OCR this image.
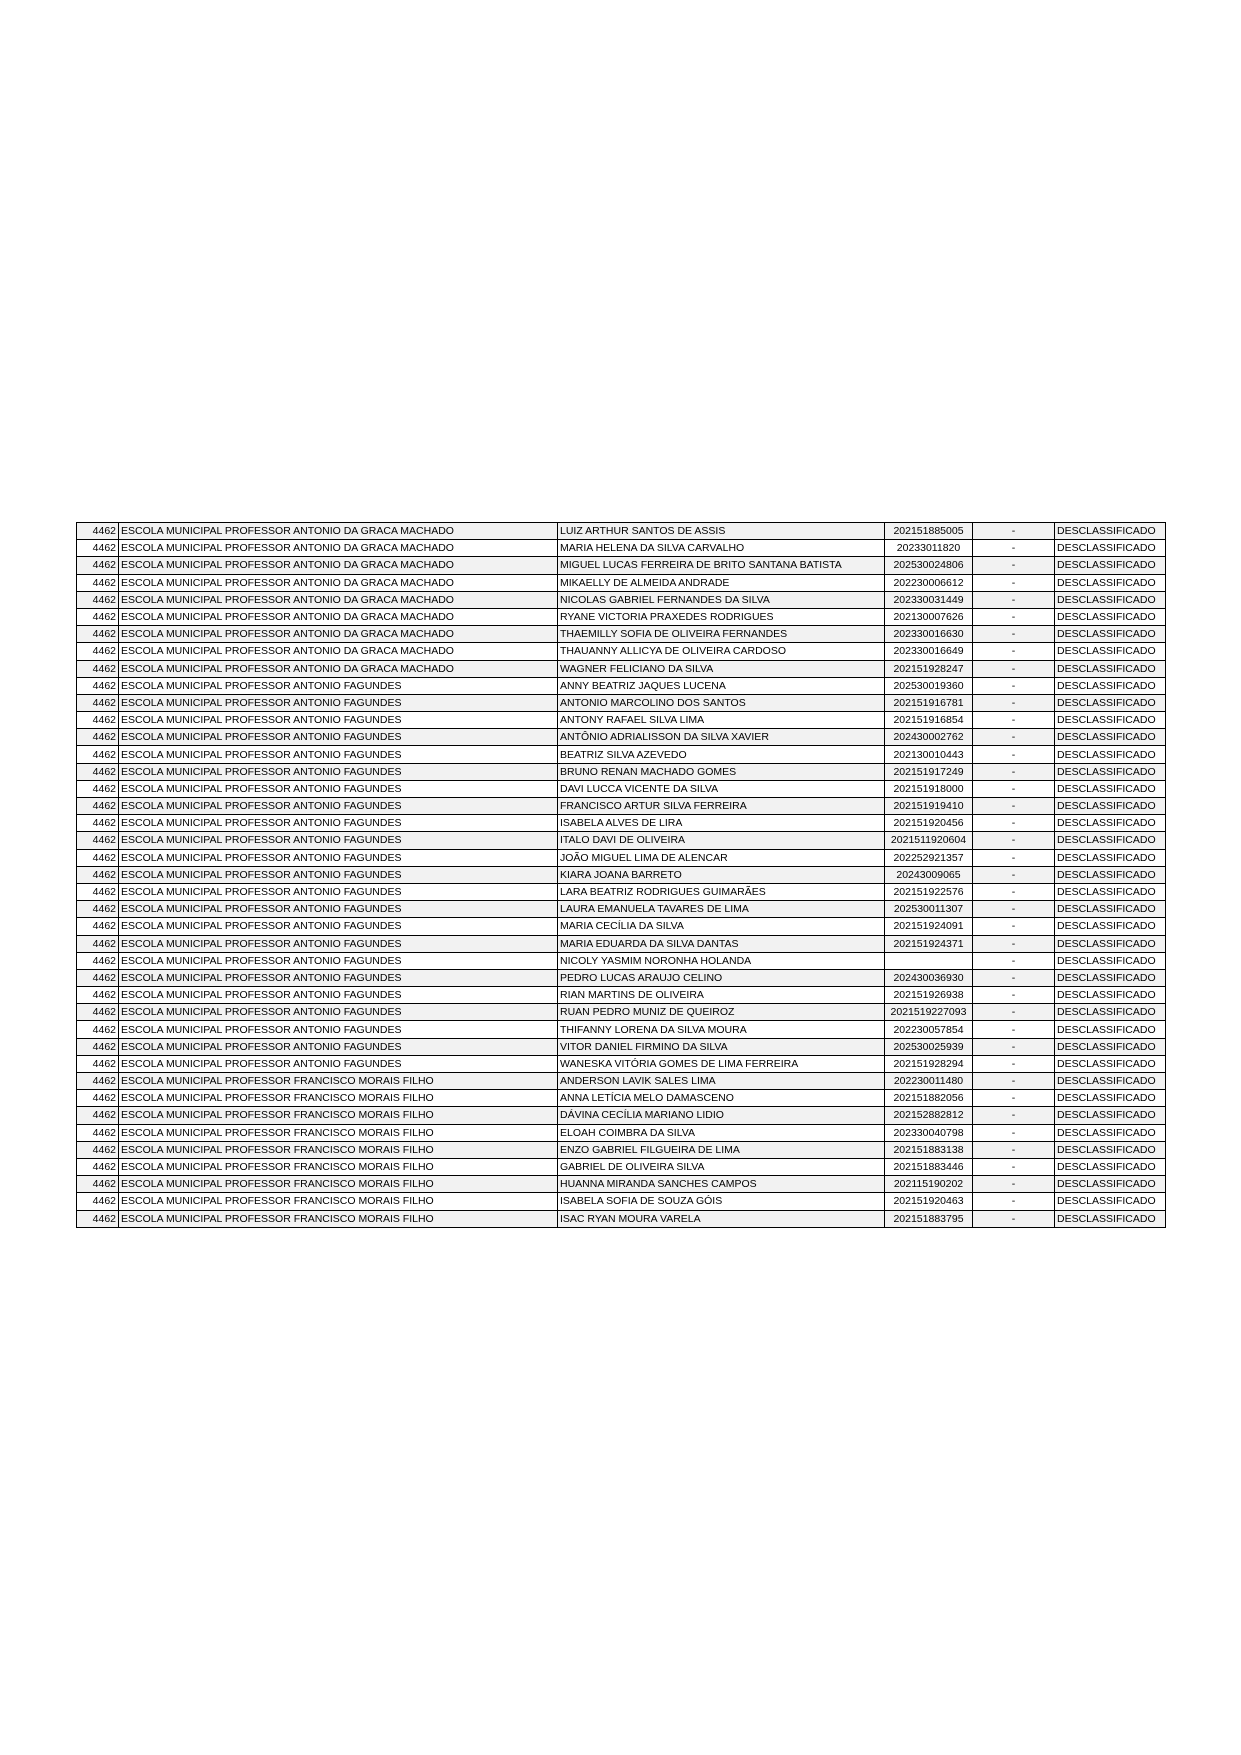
4462	ESCOLA MUNICIPAL PROFESSOR ANTONIO DA GRACA MACHADO	LUIZ ARTHUR SANTOS DE ASSIS	202151885005	-	DESCLASSIFICADO
4462	ESCOLA MUNICIPAL PROFESSOR ANTONIO DA GRACA MACHADO	MARIA HELENA DA SILVA CARVALHO	20233011820	-	DESCLASSIFICADO
4462	ESCOLA MUNICIPAL PROFESSOR ANTONIO DA GRACA MACHADO	MIGUEL LUCAS FERREIRA DE BRITO SANTANA BATISTA	202530024806	-	DESCLASSIFICADO
4462	ESCOLA MUNICIPAL PROFESSOR ANTONIO DA GRACA MACHADO	MIKAELLY DE ALMEIDA ANDRADE	202230006612	-	DESCLASSIFICADO
4462	ESCOLA MUNICIPAL PROFESSOR ANTONIO DA GRACA MACHADO	NICOLAS GABRIEL FERNANDES DA SILVA	202330031449	-	DESCLASSIFICADO
4462	ESCOLA MUNICIPAL PROFESSOR ANTONIO DA GRACA MACHADO	RYANE VICTORIA PRAXEDES RODRIGUES	202130007626	-	DESCLASSIFICADO
4462	ESCOLA MUNICIPAL PROFESSOR ANTONIO DA GRACA MACHADO	THAEMILLY SOFIA DE OLIVEIRA FERNANDES	202330016630	-	DESCLASSIFICADO
4462	ESCOLA MUNICIPAL PROFESSOR ANTONIO DA GRACA MACHADO	THAUANNY ALLICYA DE OLIVEIRA CARDOSO	202330016649	-	DESCLASSIFICADO
4462	ESCOLA MUNICIPAL PROFESSOR ANTONIO DA GRACA MACHADO	WAGNER FELICIANO DA SILVA	202151928247	-	DESCLASSIFICADO
4462	ESCOLA MUNICIPAL PROFESSOR ANTONIO FAGUNDES	ANNY BEATRIZ JAQUES LUCENA	202530019360	-	DESCLASSIFICADO
4462	ESCOLA MUNICIPAL PROFESSOR ANTONIO FAGUNDES	ANTONIO MARCOLINO DOS SANTOS	202151916781	-	DESCLASSIFICADO
4462	ESCOLA MUNICIPAL PROFESSOR ANTONIO FAGUNDES	ANTONY RAFAEL SILVA LIMA	202151916854	-	DESCLASSIFICADO
4462	ESCOLA MUNICIPAL PROFESSOR ANTONIO FAGUNDES	ANTÔNIO ADRIALISSON DA SILVA XAVIER	202430002762	-	DESCLASSIFICADO
4462	ESCOLA MUNICIPAL PROFESSOR ANTONIO FAGUNDES	BEATRIZ SILVA AZEVEDO	202130010443	-	DESCLASSIFICADO
4462	ESCOLA MUNICIPAL PROFESSOR ANTONIO FAGUNDES	BRUNO RENAN MACHADO GOMES	202151917249	-	DESCLASSIFICADO
4462	ESCOLA MUNICIPAL PROFESSOR ANTONIO FAGUNDES	DAVI LUCCA VICENTE DA SILVA	202151918000	-	DESCLASSIFICADO
4462	ESCOLA MUNICIPAL PROFESSOR ANTONIO FAGUNDES	FRANCISCO ARTUR SILVA FERREIRA	202151919410	-	DESCLASSIFICADO
4462	ESCOLA MUNICIPAL PROFESSOR ANTONIO FAGUNDES	ISABELA ALVES DE LIRA	202151920456	-	DESCLASSIFICADO
4462	ESCOLA MUNICIPAL PROFESSOR ANTONIO FAGUNDES	ITALO DAVI DE OLIVEIRA	2021511920604	-	DESCLASSIFICADO
4462	ESCOLA MUNICIPAL PROFESSOR ANTONIO FAGUNDES	JOÃO MIGUEL LIMA DE ALENCAR	202252921357	-	DESCLASSIFICADO
4462	ESCOLA MUNICIPAL PROFESSOR ANTONIO FAGUNDES	KIARA JOANA BARRETO	20243009065	-	DESCLASSIFICADO
4462	ESCOLA MUNICIPAL PROFESSOR ANTONIO FAGUNDES	LARA BEATRIZ RODRIGUES GUIMARÃES	202151922576	-	DESCLASSIFICADO
4462	ESCOLA MUNICIPAL PROFESSOR ANTONIO FAGUNDES	LAURA EMANUELA TAVARES DE LIMA	202530011307	-	DESCLASSIFICADO
4462	ESCOLA MUNICIPAL PROFESSOR ANTONIO FAGUNDES	MARIA CECÍLIA DA SILVA	202151924091	-	DESCLASSIFICADO
4462	ESCOLA MUNICIPAL PROFESSOR ANTONIO FAGUNDES	MARIA EDUARDA DA SILVA DANTAS	202151924371	-	DESCLASSIFICADO
4462	ESCOLA MUNICIPAL PROFESSOR ANTONIO FAGUNDES	NICOLY YASMIM NORONHA HOLANDA		-	DESCLASSIFICADO
4462	ESCOLA MUNICIPAL PROFESSOR ANTONIO FAGUNDES	PEDRO LUCAS ARAUJO CELINO	202430036930	-	DESCLASSIFICADO
4462	ESCOLA MUNICIPAL PROFESSOR ANTONIO FAGUNDES	RIAN MARTINS DE OLIVEIRA	202151926938	-	DESCLASSIFICADO
4462	ESCOLA MUNICIPAL PROFESSOR ANTONIO FAGUNDES	RUAN PEDRO MUNIZ DE QUEIROZ	2021519227093	-	DESCLASSIFICADO
4462	ESCOLA MUNICIPAL PROFESSOR ANTONIO FAGUNDES	THIFANNY LORENA DA SILVA MOURA	202230057854	-	DESCLASSIFICADO
4462	ESCOLA MUNICIPAL PROFESSOR ANTONIO FAGUNDES	VITOR DANIEL FIRMINO DA SILVA	202530025939	-	DESCLASSIFICADO
4462	ESCOLA MUNICIPAL PROFESSOR ANTONIO FAGUNDES	WANESKA VITÓRIA GOMES DE LIMA FERREIRA	202151928294	-	DESCLASSIFICADO
4462	ESCOLA MUNICIPAL PROFESSOR FRANCISCO MORAIS FILHO	ANDERSON LAVIK SALES LIMA	202230011480	-	DESCLASSIFICADO
4462	ESCOLA MUNICIPAL PROFESSOR FRANCISCO MORAIS FILHO	ANNA LETÍCIA MELO DAMASCENO	202151882056	-	DESCLASSIFICADO
4462	ESCOLA MUNICIPAL PROFESSOR FRANCISCO MORAIS FILHO	DÁVINA CECÍLIA MARIANO LIDIO	202152882812	-	DESCLASSIFICADO
4462	ESCOLA MUNICIPAL PROFESSOR FRANCISCO MORAIS FILHO	ELOAH COIMBRA DA SILVA	202330040798	-	DESCLASSIFICADO
4462	ESCOLA MUNICIPAL PROFESSOR FRANCISCO MORAIS FILHO	ENZO GABRIEL FILGUEIRA DE LIMA	202151883138	-	DESCLASSIFICADO
4462	ESCOLA MUNICIPAL PROFESSOR FRANCISCO MORAIS FILHO	GABRIEL DE OLIVEIRA SILVA	202151883446	-	DESCLASSIFICADO
4462	ESCOLA MUNICIPAL PROFESSOR FRANCISCO MORAIS FILHO	HUANNA MIRANDA SANCHES CAMPOS	202115190202	-	DESCLASSIFICADO
4462	ESCOLA MUNICIPAL PROFESSOR FRANCISCO MORAIS FILHO	ISABELA SOFIA DE SOUZA GÓIS	202151920463	-	DESCLASSIFICADO
4462	ESCOLA MUNICIPAL PROFESSOR FRANCISCO MORAIS FILHO	ISAC RYAN MOURA VARELA	202151883795	-	DESCLASSIFICADO
